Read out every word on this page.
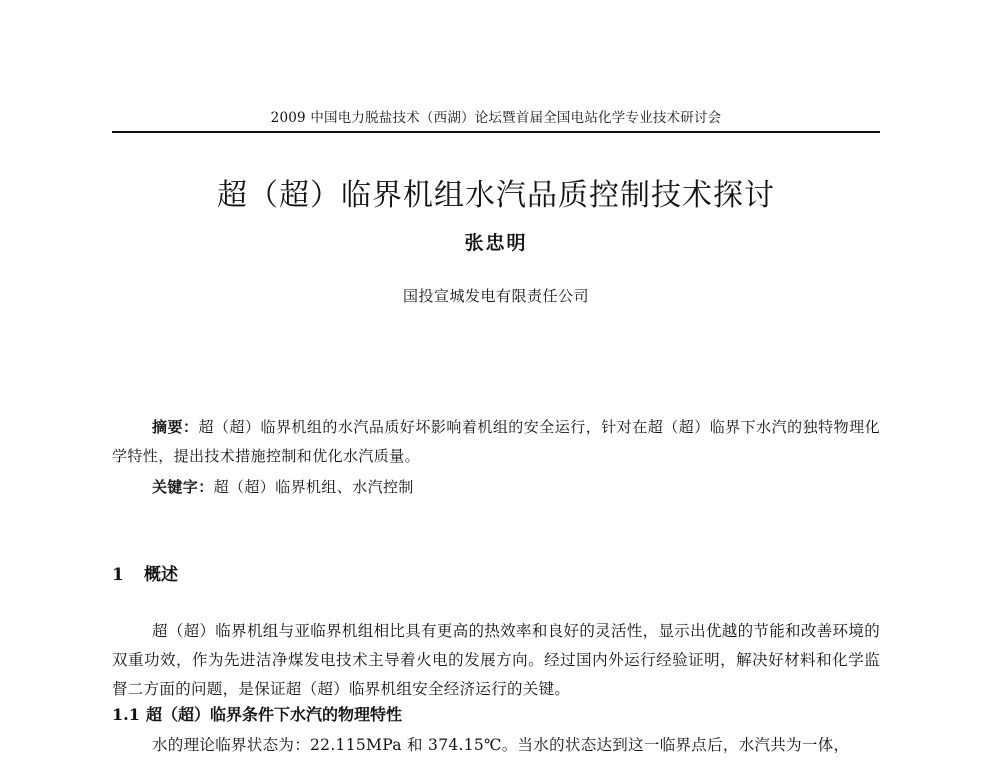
2009 中国电力脱盐技术（西湖）论坛暨首届全国电站化学专业技术研讨会
超（超）临界机组水汽品质控制技术探讨
张忠明
国投宣城发电有限责任公司
摘要：超（超）临界机组的水汽品质好坏影响着机组的安全运行，针对在超（超）临界下水汽的独特物理化学特性，提出技术措施控制和优化水汽质量。
关键字：超（超）临界机组、水汽控制
1 概述
超（超）临界机组与亚临界机组相比具有更高的热效率和良好的灵活性，显示出优越的节能和改善环境的双重功效，作为先进洁净煤发电技术主导着火电的发展方向。经过国内外运行经验证明，解决好材料和化学监督二方面的问题，是保证超（超）临界机组安全经济运行的关键。
1.1 超（超）临界条件下水汽的物理特性
水的理论临界状态为：22.115MPa 和 374.15℃。当水的状态达到这一临界点后，水汽共为一体，
